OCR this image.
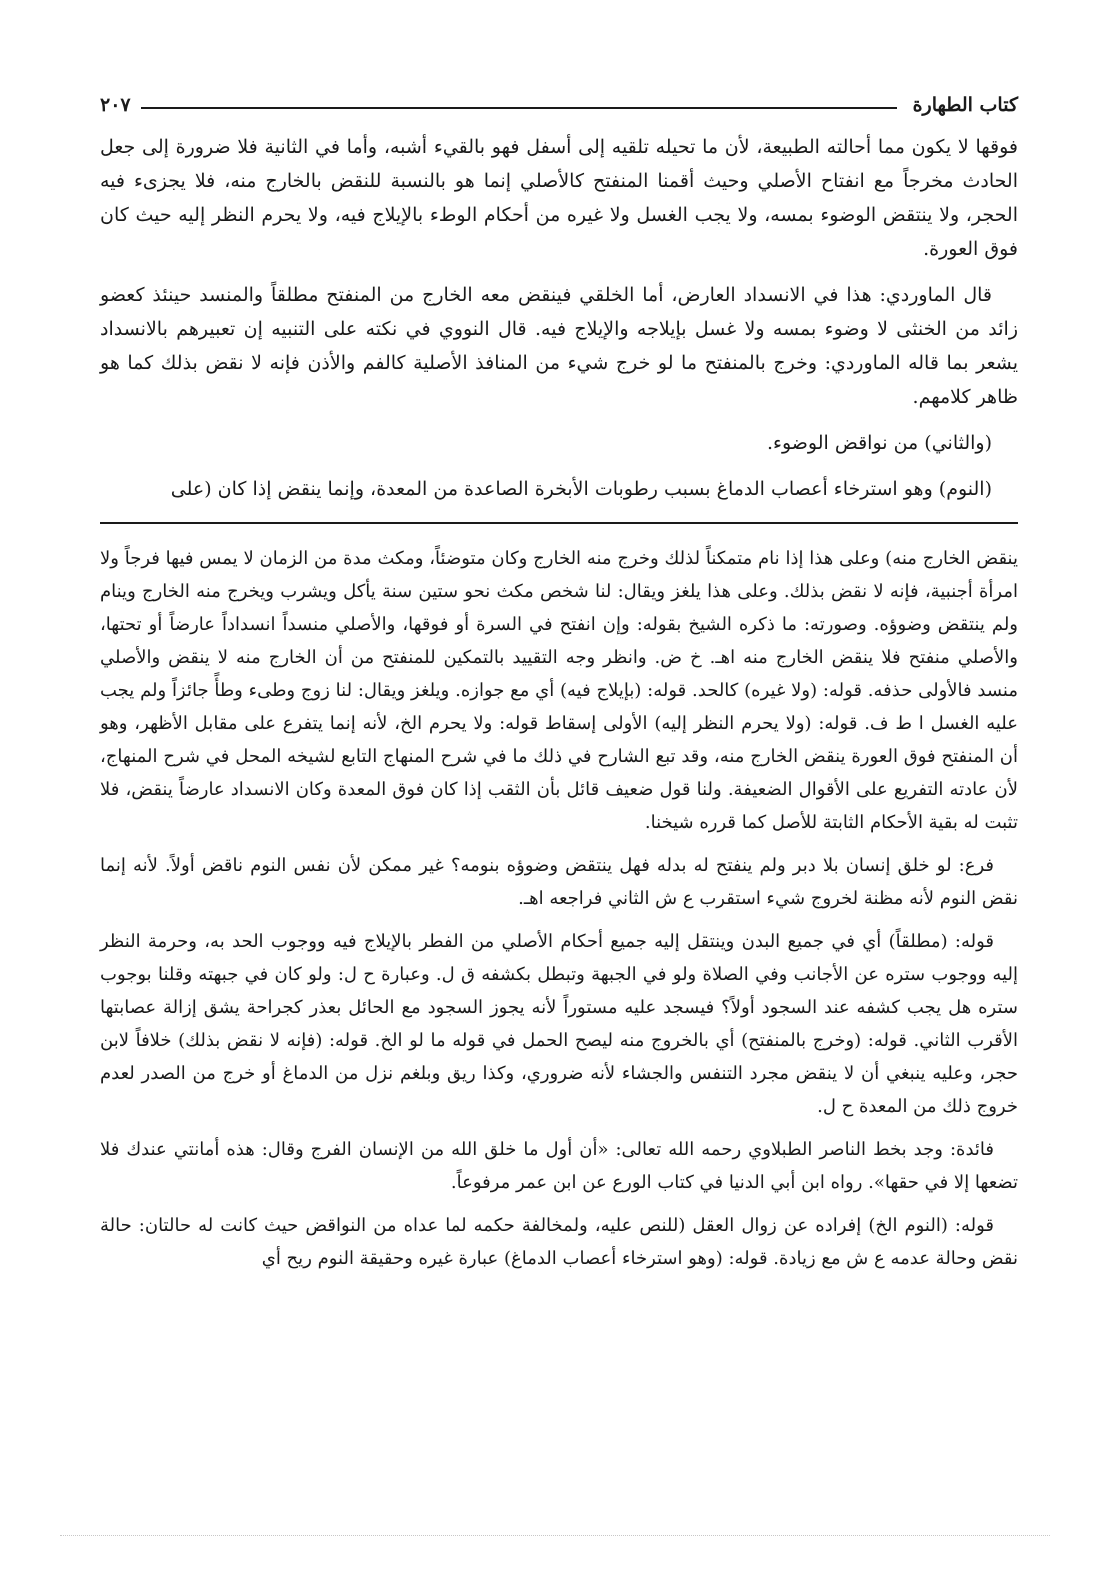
كتاب الطهارة
٢٠٧

فوقها لا يكون مما أحالته الطبيعة، لأن ما تحيله تلقيه إلى أسفل فهو بالقيء أشبه، وأما في الثانية فلا ضرورة إلى جعل الحادث مخرجاً مع انفتاح الأصلي وحيث أقمنا المنفتح كالأصلي إنما هو بالنسبة للنقض بالخارج منه، فلا يجزىء فيه الحجر، ولا ينتقض الوضوء بمسه، ولا يجب الغسل ولا غيره من أحكام الوطء بالإيلاج فيه، ولا يحرم النظر إليه حيث كان فوق العورة.

قال الماوردي: هذا في الانسداد العارض، أما الخلقي فينقض معه الخارج من المنفتح مطلقاً والمنسد حينئذ كعضو زائد من الخنثى لا وضوء بمسه ولا غسل بإيلاجه والإيلاج فيه. قال النووي في نكته على التنبيه إن تعبيرهم بالانسداد يشعر بما قاله الماوردي: وخرج بالمنفتح ما لو خرج شيء من المنافذ الأصلية كالفم والأذن فإنه لا نقض بذلك كما هو ظاهر كلامهم.

(والثاني) من نواقض الوضوء.

(النوم) وهو استرخاء أعصاب الدماغ بسبب رطوبات الأبخرة الصاعدة من المعدة، وإنما ينقض إذا كان (على

ينقض الخارج منه) وعلى هذا إذا نام متمكناً لذلك وخرج منه الخارج وكان متوضئاً، ومكث مدة من الزمان لا يمس فيها فرجاً ولا امرأة أجنبية، فإنه لا نقض بذلك. وعلى هذا يلغز ويقال: لنا شخص مكث نحو ستين سنة يأكل ويشرب ويخرج منه الخارج وينام ولم ينتقض وضوؤه. وصورته: ما ذكره الشيخ بقوله: وإن انفتح في السرة أو فوقها، والأصلي منسداً انسداداً عارضاً أو تحتها، والأصلي منفتح فلا ينقض الخارج منه اهـ. خ ض. وانظر وجه التقييد بالتمكين للمنفتح من أن الخارج منه لا ينقض والأصلي منسد فالأولى حذفه. قوله: (ولا غيره) كالحد. قوله: (بإيلاج فيه) أي مع جوازه. ويلغز ويقال: لنا زوج وطىء وطأً جائزاً ولم يجب عليه الغسل ا ط ف. قوله: (ولا يحرم النظر إليه) الأولى إسقاط قوله: ولا يحرم الخ، لأنه إنما يتفرع على مقابل الأظهر، وهو أن المنفتح فوق العورة ينقض الخارج منه، وقد تبع الشارح في ذلك ما في شرح المنهاج التابع لشيخه المحل في شرح المنهاج، لأن عادته التفريع على الأقوال الضعيفة. ولنا قول ضعيف قائل بأن الثقب إذا كان فوق المعدة وكان الانسداد عارضاً ينقض، فلا تثبت له بقية الأحكام الثابتة للأصل كما قرره شيخنا.

فرع: لو خلق إنسان بلا دبر ولم ينفتح له بدله فهل ينتقض وضوؤه بنومه؟ غير ممكن لأن نفس النوم ناقض أولاً. لأنه إنما نقض النوم لأنه مظنة لخروج شيء استقرب ع ش الثاني فراجعه اهـ.

قوله: (مطلقاً) أي في جميع البدن وينتقل إليه جميع أحكام الأصلي من الفطر بالإيلاج فيه ووجوب الحد به، وحرمة النظر إليه ووجوب ستره عن الأجانب وفي الصلاة ولو في الجبهة وتبطل بكشفه ق ل. وعبارة ح ل: ولو كان في جبهته وقلنا بوجوب ستره هل يجب كشفه عند السجود أولاً؟ فيسجد عليه مستوراً لأنه يجوز السجود مع الحائل بعذر كجراحة يشق إزالة عصابتها الأقرب الثاني. قوله: (وخرج بالمنفتح) أي بالخروج منه ليصح الحمل في قوله ما لو الخ. قوله: (فإنه لا نقض بذلك) خلافاً لابن حجر، وعليه ينبغي أن لا ينقض مجرد التنفس والجشاء لأنه ضروري، وكذا ريق وبلغم نزل من الدماغ أو خرج من الصدر لعدم خروج ذلك من المعدة ح ل.

فائدة: وجد بخط الناصر الطبلاوي رحمه الله تعالى: «أن أول ما خلق الله من الإنسان الفرج وقال: هذه أمانتي عندك فلا تضعها إلا في حقها». رواه ابن أبي الدنيا في كتاب الورع عن ابن عمر مرفوعاً.

قوله: (النوم الخ) إفراده عن زوال العقل (للنص عليه، ولمخالفة حكمه لما عداه من النواقض حيث كانت له حالتان: حالة نقض وحالة عدمه ع ش مع زيادة. قوله: (وهو استرخاء أعصاب الدماغ) عبارة غيره وحقيقة النوم ريح أي
